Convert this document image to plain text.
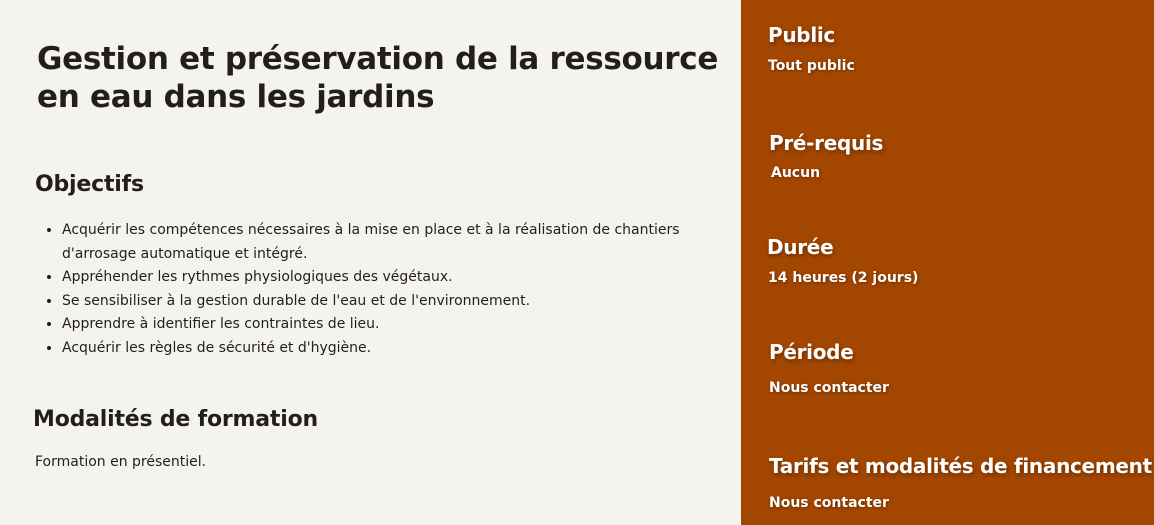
Gestion et préservation de la ressource en eau dans les jardins
Objectifs
• Acquérir les compétences nécessaires à la mise en place et à la réalisation de chantiers d'arrosage automatique et intégré.
• Appréhender les rythmes physiologiques des végétaux.
• Se sensibiliser à la gestion durable de l'eau et de l'environnement.
• Apprendre à identifier les contraintes de lieu.
• Acquérir les règles de sécurité et d'hygiène.
Modalités de formation

Formation en présentiel.

Public

Tout public

Pré-requis

Aucun

Durée

14 heures (2 jours)

Période

Nous contacter

Tarifs et modalités de financement

Nous contacter
